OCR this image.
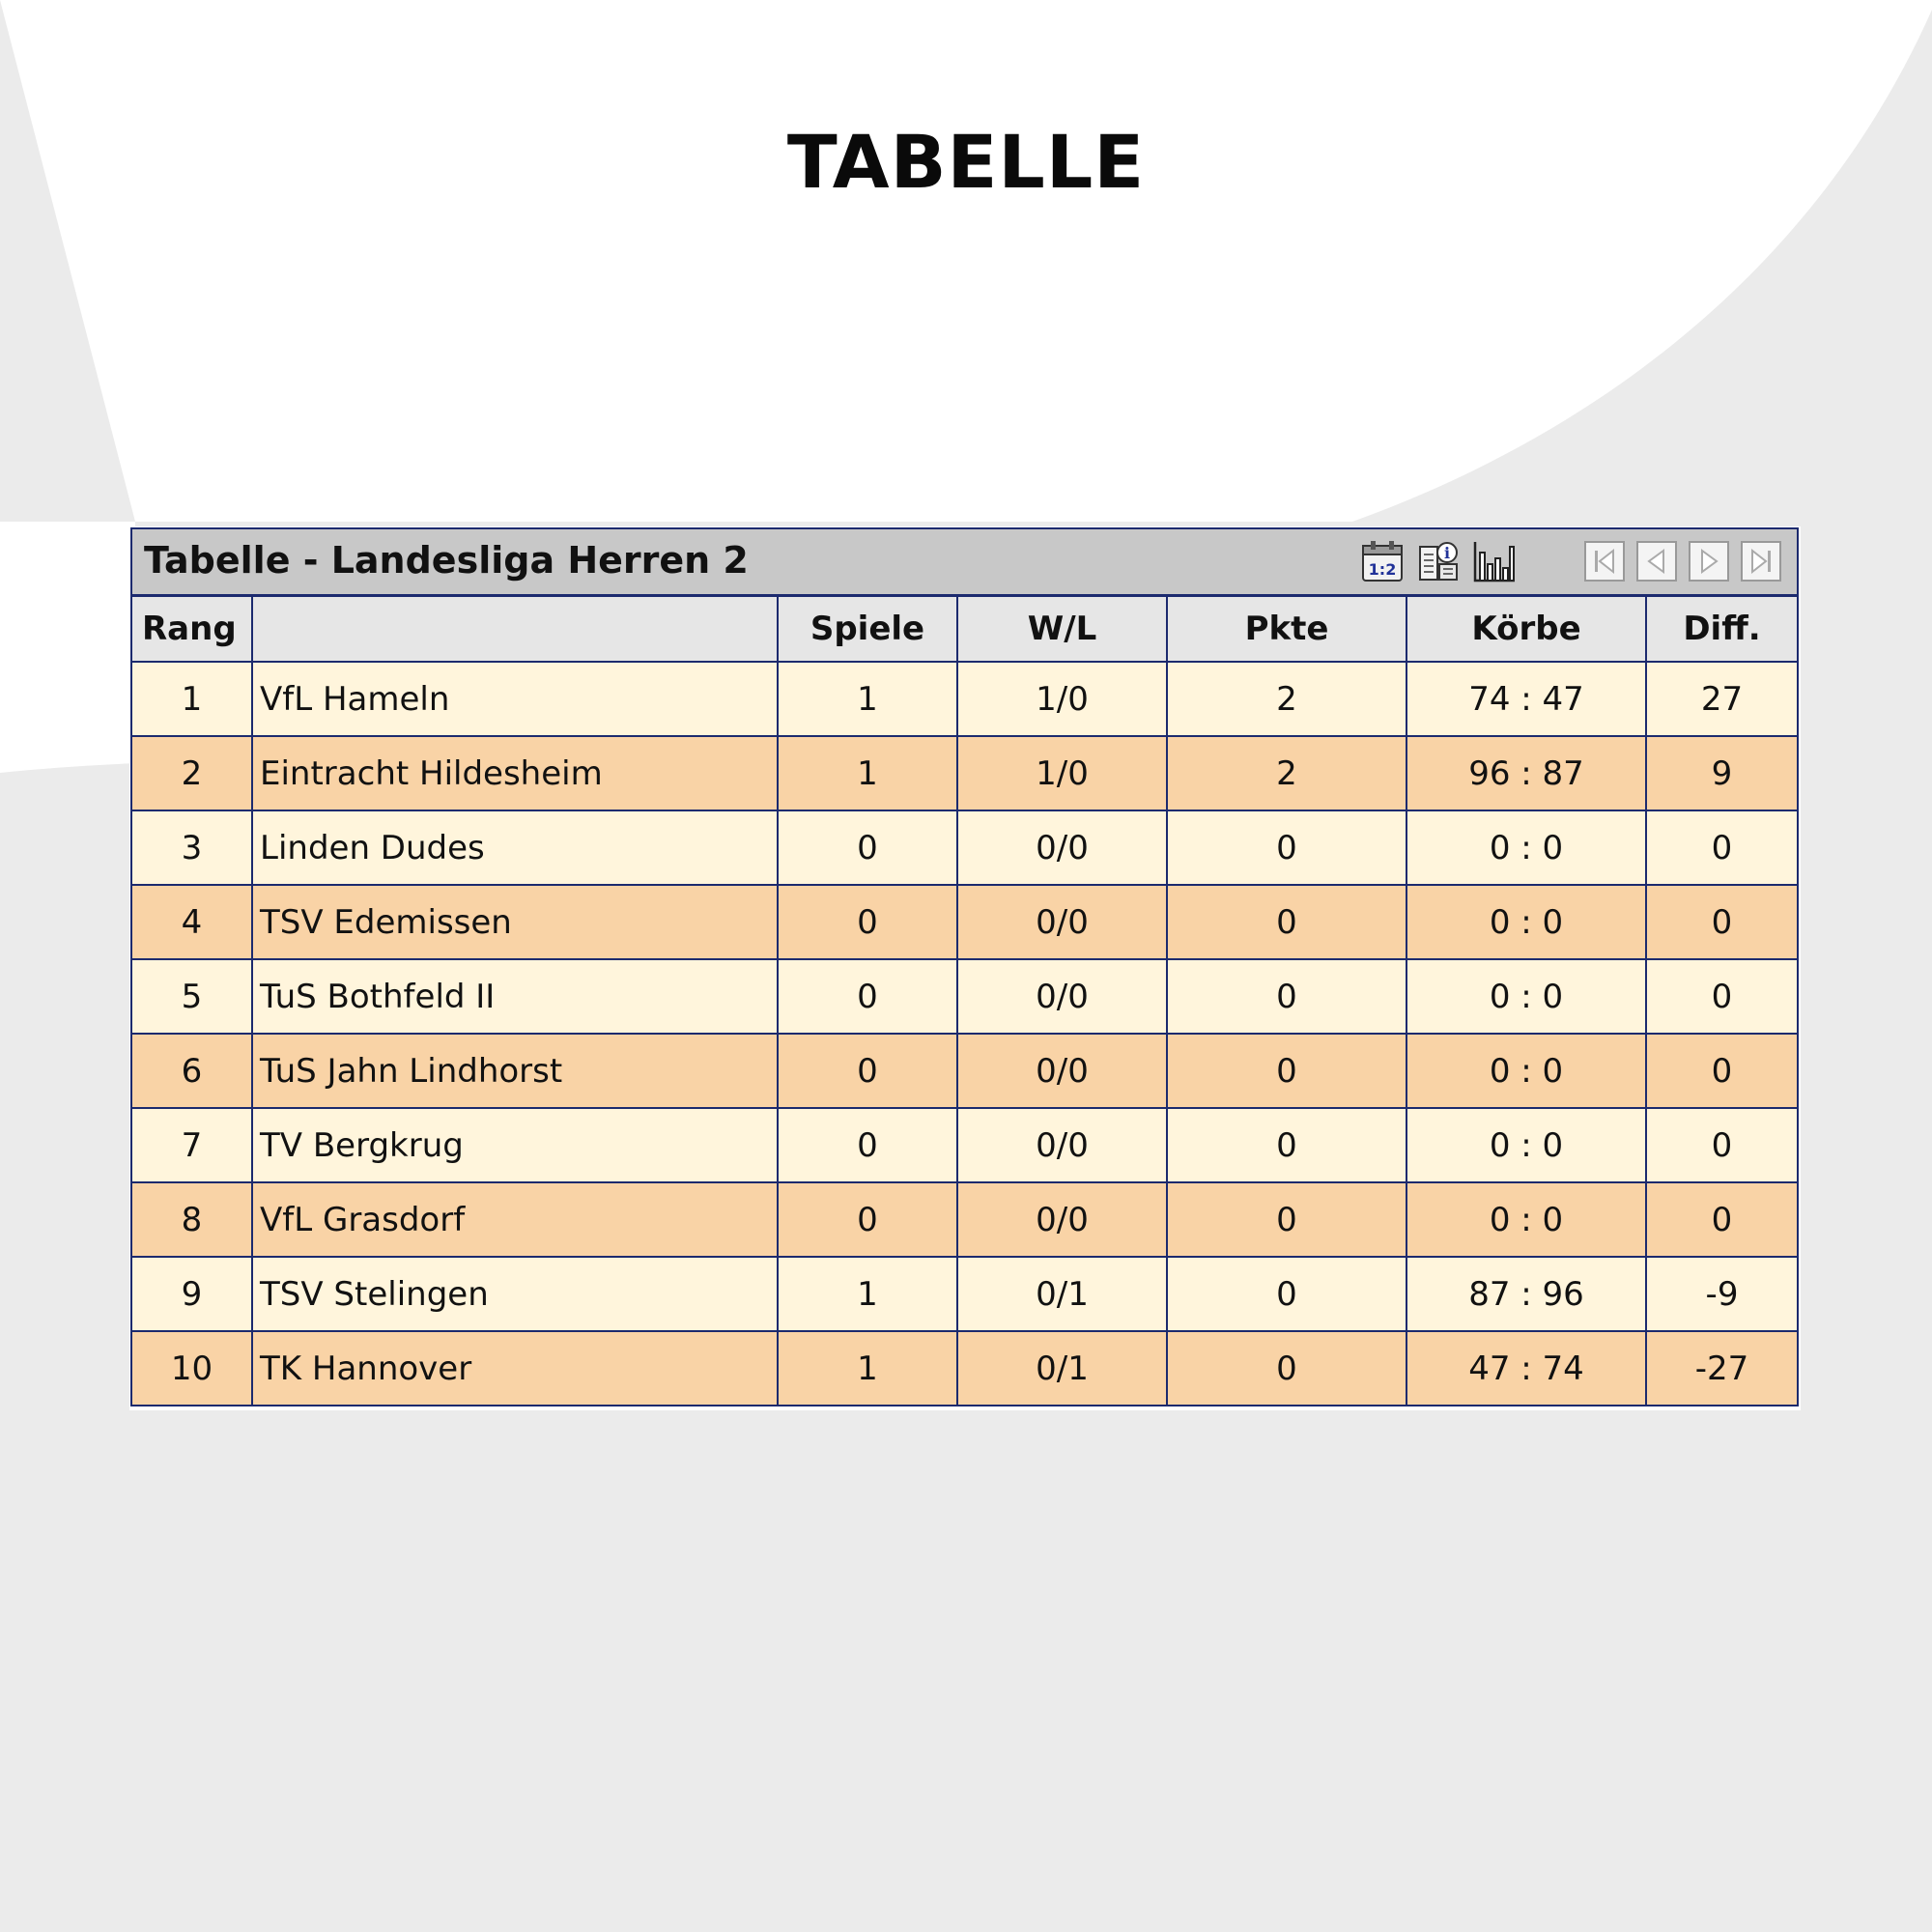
TABELLE
Tabelle - Landesliga Herren 2	1:2
i
Rang		Spiele	W/L	Pkte	Körbe	Diff.
1	VfL Hameln	1	1/0	2	74 : 47	27
2	Eintracht Hildesheim	1	1/0	2	96 : 87	9
3	Linden Dudes	0	0/0	0	0 : 0	0
4	TSV Edemissen	0	0/0	0	0 : 0	0
5	TuS Bothfeld II	0	0/0	0	0 : 0	0
6	TuS Jahn Lindhorst	0	0/0	0	0 : 0	0
7	TV Bergkrug	0	0/0	0	0 : 0	0
8	VfL Grasdorf	0	0/0	0	0 : 0	0
9	TSV Stelingen	1	0/1	0	87 : 96	-9
10	TK Hannover	1	0/1	0	47 : 74	-27
